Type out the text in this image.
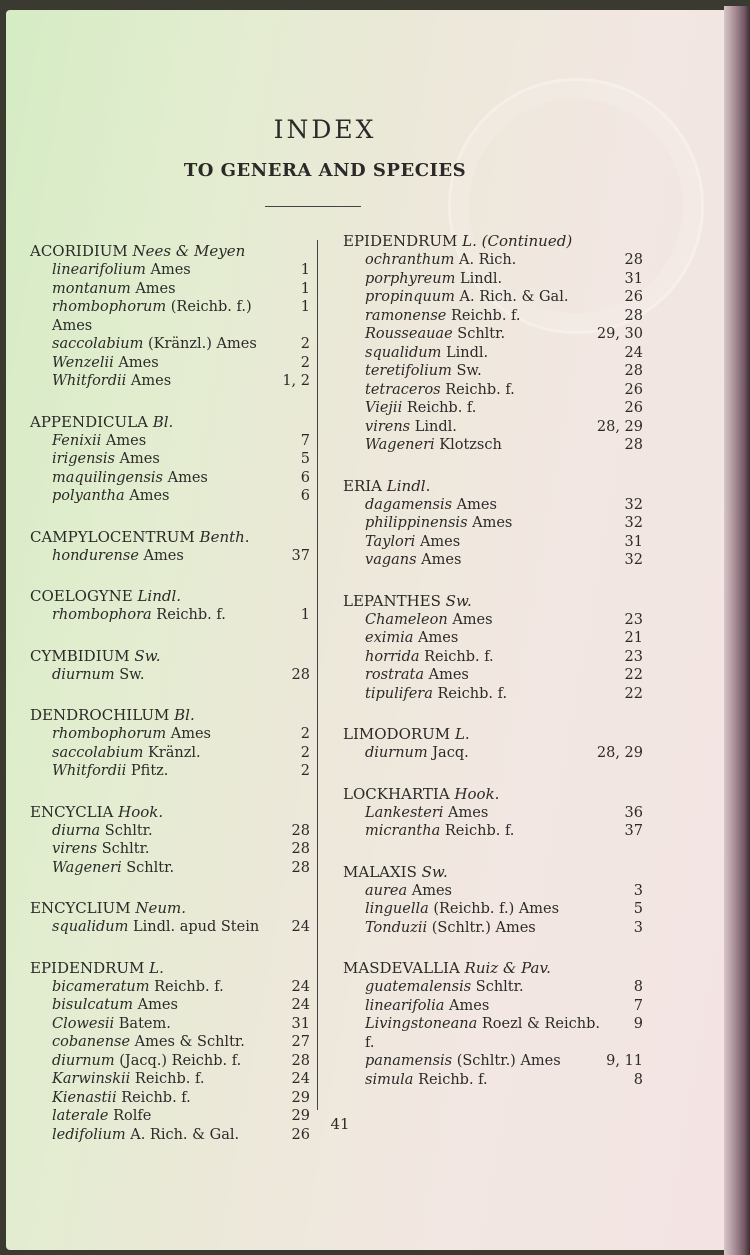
INDEX
TO GENERA AND SPECIES
ACORIDIUM Nees & Meyen
linearifolium Ames	1
montanum Ames	1
rhombophorum (Reichb. f.) Ames
1
saccolabium (Kränzl.) Ames	2
Wenzelii Ames	2
Whitfordii Ames	1, 2
APPENDICULA Bl.
Fenixii Ames	7
irigensis Ames	5
maquilingensis Ames	6
polyantha Ames	6
CAMPYLOCENTRUM Benth.
hondurense Ames	37
COELOGYNE Lindl.
rhombophora Reichb. f.	1
CYMBIDIUM Sw.
diurnum Sw.	28
DENDROCHILUM Bl.
rhombophorum Ames	2
saccolabium Kränzl.	2
Whitfordii Pfitz.	2
ENCYCLIA Hook.
diurna Schltr.	28
virens Schltr.	28
Wageneri Schltr.	28
ENCYCLIUM Neum.
squalidum Lindl. apud Stein 24
EPIDENDRUM L.
bicameratum Reichb. f.	24
bisulcatum Ames	24
Clowesii Batem.	31
cobanense Ames & Schltr.	27
diurnum (Jacq.) Reichb. f.	28
Karwinskii Reichb. f.	24
Kienastii Reichb. f.	29
laterale Rolfe	29
ledifolium A. Rich. & Gal.	26
EPIDENDRUM L. (Continued)
ochranthum A. Rich.	28
porphyreum Lindl.	31
propinquum A. Rich. & Gal.	26
ramonense Reichb. f.	28
Rousseauae Schltr.	29, 30
squalidum Lindl.	24
teretifolium Sw.	28
tetraceros Reichb. f.	26
Viejii Reichb. f.	26
virens Lindl.	28, 29
Wageneri Klotzsch	28
ERIA Lindl.
dagamensis Ames	32
philippinensis Ames	32
Taylori Ames	31
vagans Ames	32
LEPANTHES Sw.
Chameleon Ames	23
eximia Ames	21
horrida Reichb. f.	23
rostrata Ames	22
tipulifera Reichb. f.	22
LIMODORUM L.
diurnum Jacq.	28, 29
LOCKHARTIA Hook.
Lankesteri Ames	36
micrantha Reichb. f.	37
MALAXIS Sw.
aurea Ames	3
linguella (Reichb. f.) Ames	5
Tonduzii (Schltr.) Ames	3
MASDEVALLIA Ruiz & Pav.
guatemalensis Schltr.	8
linearifolia Ames	7
Livingstoneana Roezl & Reichb. f.
9
panamensis (Schltr.) Ames	9, 11
simula Reichb. f.	8
41
